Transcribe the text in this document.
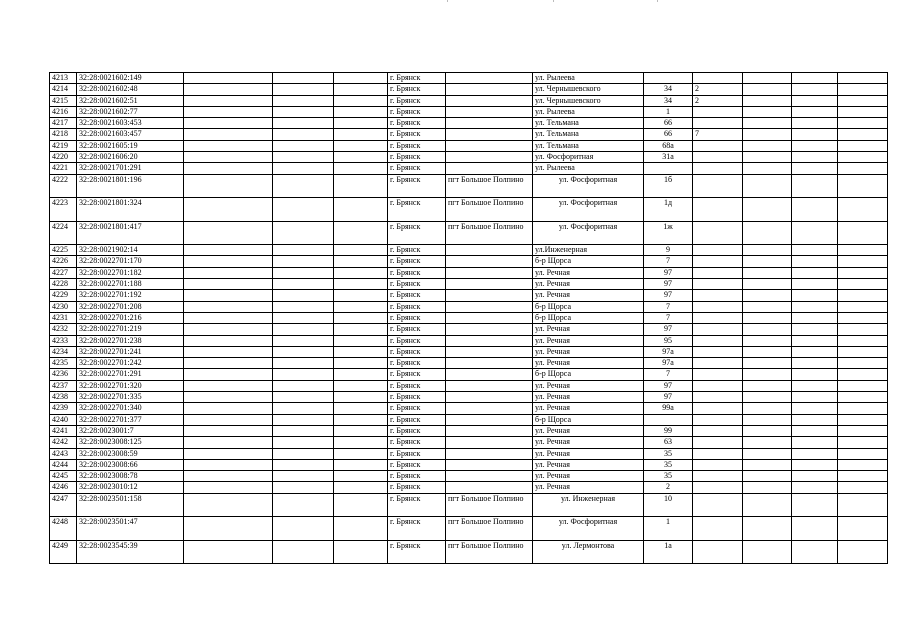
4213	32:28:0021602:149				г. Брянск		ул. Рылеева					
4214	32:28:0021602:48				г. Брянск		ул. Чернышевского	34	2			
4215	32:28:0021602:51				г. Брянск		ул. Чернышевского	34	2			
4216	32:28:0021602:77				г. Брянск		ул. Рылеева	1				
4217	32:28:0021603:453				г. Брянск		ул. Тельмана	66				
4218	32:28:0021603:457				г. Брянск		ул. Тельмана	66	7			
4219	32:28:0021605:19				г. Брянск		ул. Тельмана	68а				
4220	32:28:0021606:20				г. Брянск		ул. Фосфоритная	31а				
4221	32:28:0021701:291				г. Брянск		ул. Рылеева					
4222	32:28:0021801:196				г. Брянск	пгт Большое Полпино	ул. Фосфоритная	1б				
4223	32:28:0021801:324				г. Брянск	пгт Большое Полпино	ул. Фосфоритная	1д				
4224	32:28:0021801:417				г. Брянск	пгт Большое Полпино	ул. Фосфоритная	1ж				
4225	32:28:0021902:14				г. Брянск		ул.Инженерная	9				
4226	32:28:0022701:170				г. Брянск		б-р Щорса	7				
4227	32:28:0022701:182				г. Брянск		ул. Речная	97				
4228	32:28:0022701:188				г. Брянск		ул. Речная	97				
4229	32:28:0022701:192				г. Брянск		ул. Речная	97				
4230	32:28:0022701:208				г. Брянск		б-р Щорса	7				
4231	32:28:0022701:216				г. Брянск		б-р Щорса	7				
4232	32:28:0022701:219				г. Брянск		ул. Речная	97				
4233	32:28:0022701:238				г. Брянск		ул. Речная	95				
4234	32:28:0022701:241				г. Брянск		ул. Речная	97а				
4235	32:28:0022701:242				г. Брянск		ул. Речная	97а				
4236	32:28:0022701:291				г. Брянск		б-р Щорса	7				
4237	32:28:0022701:320				г. Брянск		ул. Речная	97				
4238	32:28:0022701:335				г. Брянск		ул. Речная	97				
4239	32:28:0022701:340				г. Брянск		ул. Речная	99а				
4240	32:28:0022701:377				г. Брянск		б-р Щорса					
4241	32:28:0023001:7				г. Брянск		ул. Речная	99				
4242	32:28:0023008:125				г. Брянск		ул. Речная	63				
4243	32:28:0023008:59				г. Брянск		ул. Речная	35				
4244	32:28:0023008:66				г. Брянск		ул. Речная	35				
4245	32:28:0023008:78				г. Брянск		ул. Речная	35				
4246	32:28:0023010:12				г. Брянск		ул. Речная	2				
4247	32:28:0023501:158				г. Брянск	пгт Большое Полпино	ул. Инженерная	10				
4248	32:28:0023501:47				г. Брянск	пгт Большое Полпино	ул. Фосфоритная	1				
4249	32:28:0023545:39				г. Брянск	пгт Большое Полпино	ул. Лермонтова	1а				
